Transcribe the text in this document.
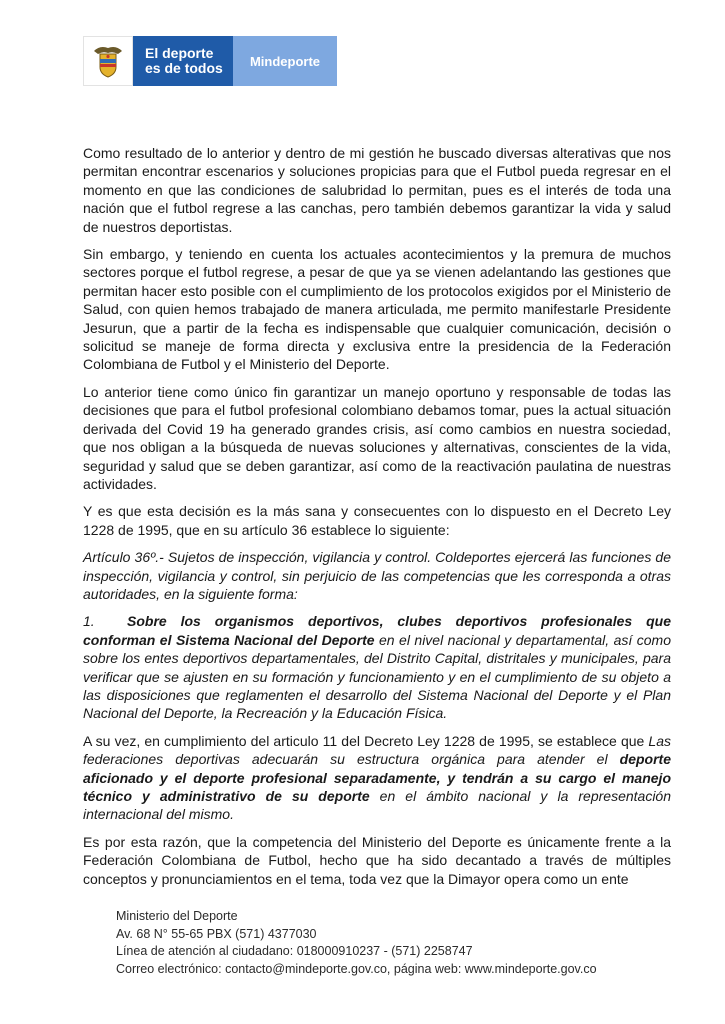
El deporte
es de todos	Mindeporte

Como resultado de lo anterior y dentro de mi gestión he buscado diversas alterativas que nos permitan encontrar escenarios y soluciones propicias para que el Futbol pueda regresar en el momento en que las condiciones de salubridad lo permitan, pues es el interés de toda una nación que el futbol regrese a las canchas, pero también debemos garantizar la vida y salud de nuestros deportistas.

Sin embargo, y teniendo en cuenta los actuales acontecimientos y la premura de muchos sectores porque el futbol regrese, a pesar de que ya se vienen adelantando las gestiones que permitan hacer esto posible con el cumplimiento de los protocolos exigidos por el Ministerio de Salud, con quien hemos trabajado de manera articulada, me permito manifestarle Presidente Jesurun, que a partir de la fecha es indispensable que cualquier comunicación, decisión o solicitud se maneje de forma directa y exclusiva entre la presidencia de la Federación Colombiana de Futbol y el Ministerio del Deporte.

Lo anterior tiene como único fin garantizar un manejo oportuno y responsable de todas las decisiones que para el futbol profesional colombiano debamos tomar, pues la actual situación derivada del Covid 19 ha generado grandes crisis, así como cambios en nuestra sociedad, que nos obligan a la búsqueda de nuevas soluciones y alternativas, conscientes de la vida, seguridad y salud que se deben garantizar, así como de la reactivación paulatina de nuestras actividades.

Y es que esta decisión es la más sana y consecuentes con lo dispuesto en el Decreto Ley 1228 de 1995, que en su artículo 36 establece lo siguiente:

Artículo 36º.- Sujetos de inspección, vigilancia y control. Coldeportes ejercerá las funciones de inspección, vigilancia y control, sin perjuicio de las competencias que les corresponda a otras autoridades, en la siguiente forma:

1. Sobre los organismos deportivos, clubes deportivos profesionales que conforman el Sistema Nacional del Deporte en el nivel nacional y departamental, así como sobre los entes deportivos departamentales, del Distrito Capital, distritales y municipales, para verificar que se ajusten en su formación y funcionamiento y en el cumplimiento de su objeto a las disposiciones que reglamenten el desarrollo del Sistema Nacional del Deporte y el Plan Nacional del Deporte, la Recreación y la Educación Física.

A su vez, en cumplimiento del articulo 11 del Decreto Ley 1228 de 1995, se establece que Las federaciones deportivas adecuarán su estructura orgánica para atender el deporte aficionado y el deporte profesional separadamente, y tendrán a su cargo el manejo técnico y administrativo de su deporte en el ámbito nacional y la representación internacional del mismo.

Es por esta razón, que la competencia del Ministerio del Deporte es únicamente frente a la Federación Colombiana de Futbol, hecho que ha sido decantado a través de múltiples conceptos y pronunciamientos en el tema, toda vez que la Dimayor opera como un ente

Ministerio del Deporte
Av. 68 N° 55-65 PBX (571) 4377030
Línea de atención al ciudadano: 018000910237 - (571) 2258747
Correo electrónico: contacto@mindeporte.gov.co, página web: www.mindeporte.gov.co
